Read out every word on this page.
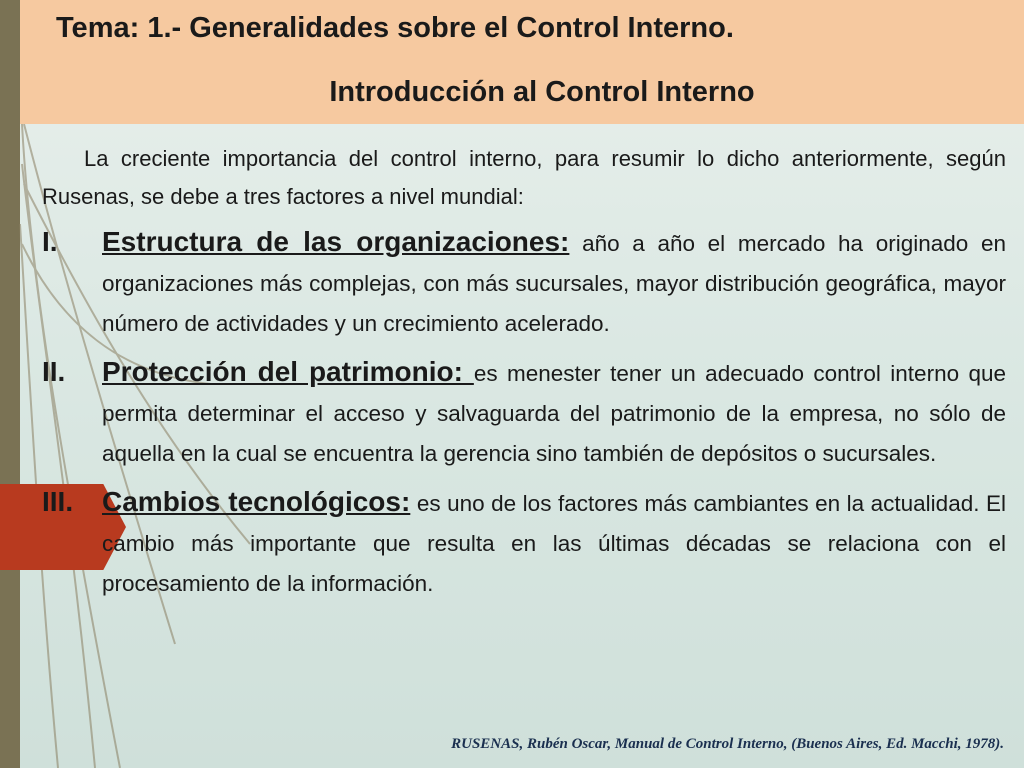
Tema: 1.- Generalidades sobre el Control Interno.
Introducción al Control Interno

La creciente importancia del control interno, para resumir lo dicho anteriormente, según Rusenas, se debe a tres factores a nivel mundial:

I. Estructura de las organizaciones: año a año el mercado ha originado en organizaciones más complejas, con más sucursales, mayor distribución geográfica, mayor número de actividades y un crecimiento acelerado.
II. Protección del patrimonio: es menester tener un adecuado control interno que permita determinar el acceso y salvaguarda del patrimonio de la empresa, no sólo de aquella en la cual se encuentra la gerencia sino también de depósitos o sucursales.
III. Cambios tecnológicos: es uno de los factores más cambiantes en la actualidad. El cambio más importante que resulta en las últimas décadas se relaciona con el procesamiento de la información.
RUSENAS, Rubén Oscar, Manual de Control Interno, (Buenos Aires, Ed. Macchi, 1978).
